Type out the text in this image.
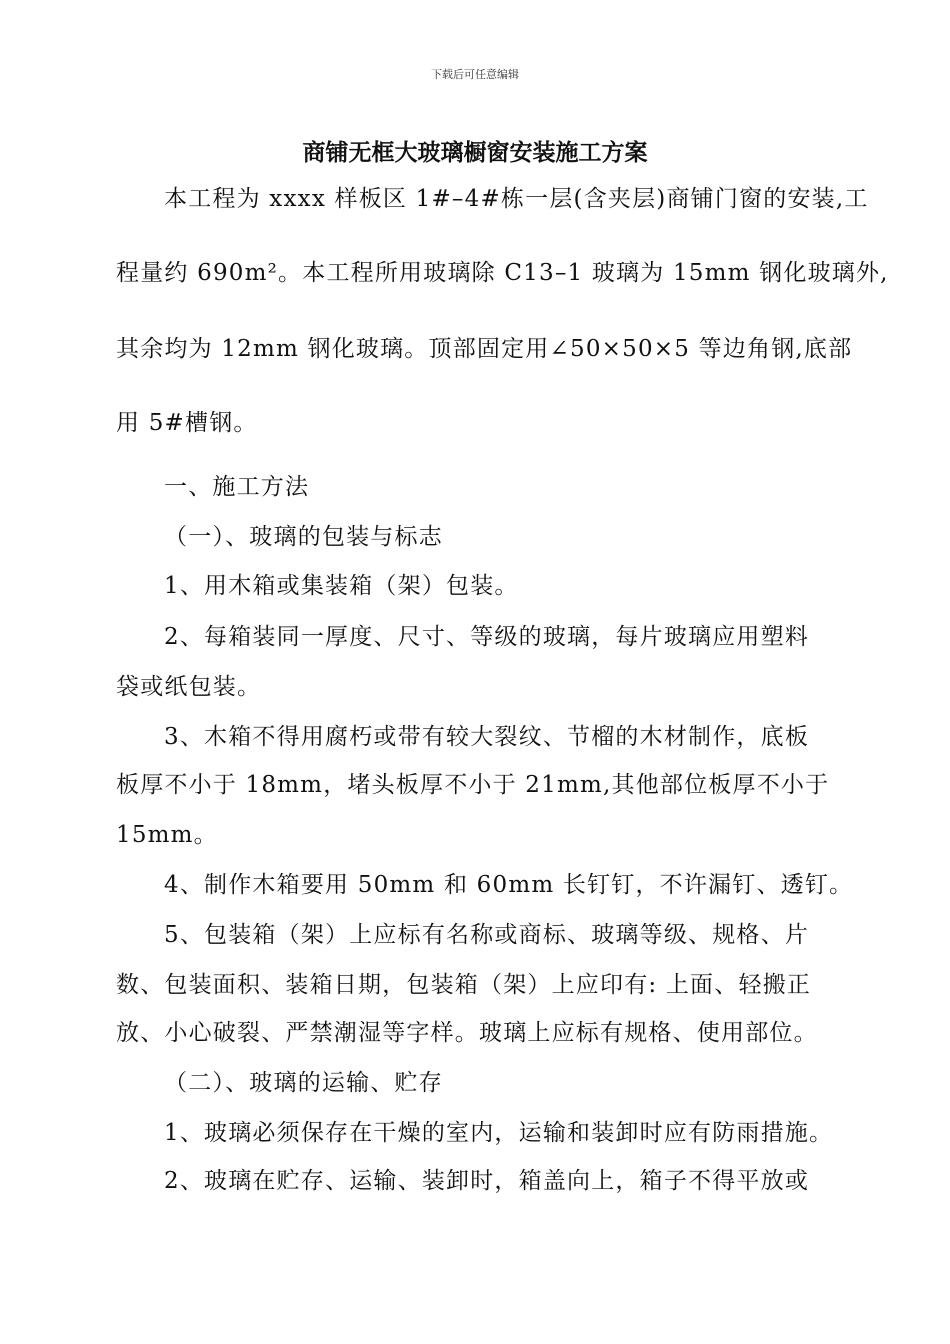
下载后可任意编辑
商铺无框大玻璃橱窗安装施工方案
本工程为 xxxx 样板区 1#–4#栋一层(含夹层)商铺门窗的安装,工
程量约 690m²。本工程所用玻璃除 C13–1 玻璃为 15mm 钢化玻璃外,
其余均为 12mm 钢化玻璃。顶部固定用∠50×50×5 等边角钢,底部
用 5#槽钢。
一、施工方法
（一）、玻璃的包装与标志
1、用木箱或集装箱（架）包装。
2、每箱装同一厚度、尺寸、等级的玻璃，每片玻璃应用塑料
袋或纸包装。
3、木箱不得用腐朽或带有较大裂纹、节榴的木材制作，底板
板厚不小于 18mm，堵头板厚不小于 21mm,其他部位板厚不小于
15mm。
4、制作木箱要用 50mm 和 60mm 长钉钉，不许漏钉、透钉。
5、包装箱（架）上应标有名称或商标、玻璃等级、规格、片
数、包装面积、装箱日期，包装箱（架）上应印有: 上面、轻搬正
放、小心破裂、严禁潮湿等字样。玻璃上应标有规格、使用部位。
（二）、玻璃的运输、贮存
1、玻璃必须保存在干燥的室内，运输和装卸时应有防雨措施。
2、玻璃在贮存、运输、装卸时，箱盖向上，箱子不得平放或
